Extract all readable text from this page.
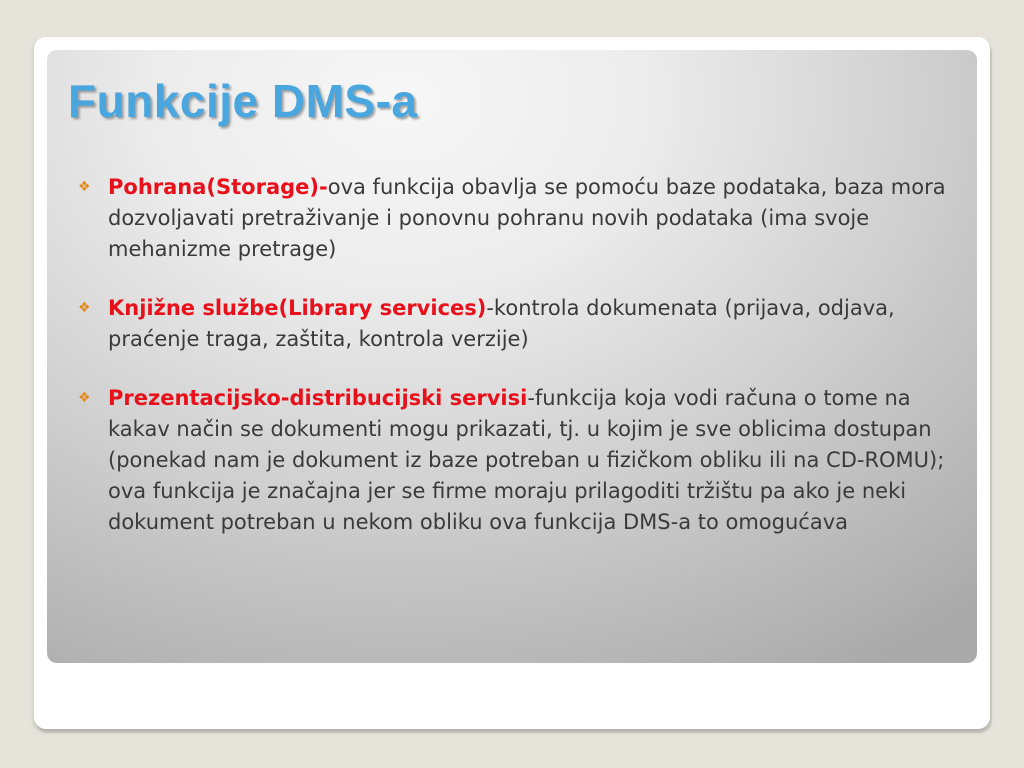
Funkcije DMS-a
❖ Pohrana(Storage)-ova funkcija obavlja se pomoću baze podataka, baza mora dozvoljavati pretraživanje i ponovnu pohranu novih podataka (ima svoje mehanizme pretrage)
❖ Knjižne službe(Library services)-kontrola dokumenata (prijava, odjava, praćenje traga, zaštita, kontrola verzije)
❖ Prezentacijsko-distribucijski servisi-funkcija koja vodi računa o tome na kakav način se dokumenti mogu prikazati, tj. u kojim je sve oblicima dostupan (ponekad nam je dokument iz baze potreban u fizičkom obliku ili na CD-ROMU); ova funkcija je značajna jer se firme moraju prilagoditi tržištu pa ako je neki dokument potreban u nekom obliku ova funkcija DMS-a to omogućava
